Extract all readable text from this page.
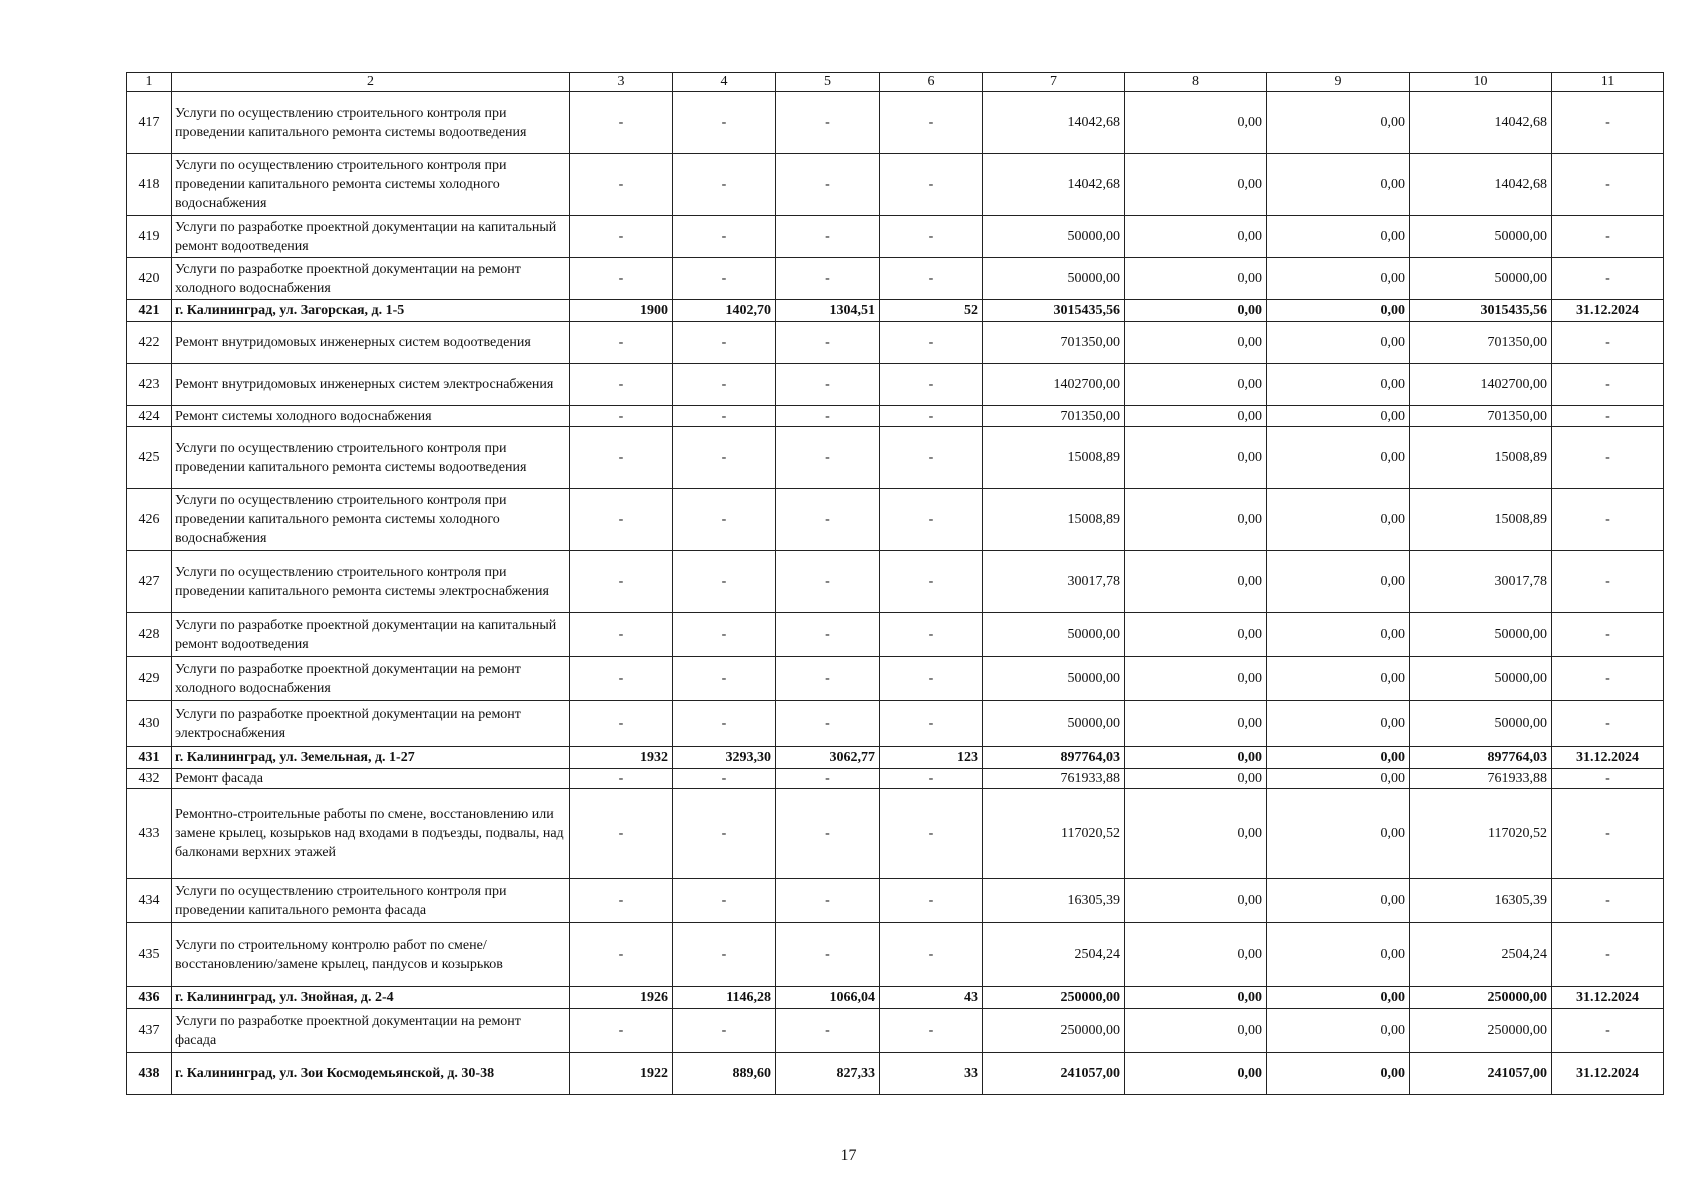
1	2	3	4	5	6	7	8	9	10	11
417	Услуги по осуществлению строительного контроля при проведении капитального ремонта системы водоотведения	-	-	-	-	14042,68	0,00	0,00	14042,68	-
418	Услуги по осуществлению строительного контроля при проведении капитального ремонта системы холодного водоснабжения	-	-	-	-	14042,68	0,00	0,00	14042,68	-
419	Услуги по разработке проектной документации на капитальный ремонт водоотведения	-	-	-	-	50000,00	0,00	0,00	50000,00	-
420	Услуги по разработке проектной документации на ремонт холодного водоснабжения	-	-	-	-	50000,00	0,00	0,00	50000,00	-
421	г. Калининград, ул. Загорская, д. 1-5	1900	1402,70	1304,51	52	3015435,56	0,00	0,00	3015435,56	31.12.2024
422	Ремонт внутридомовых инженерных систем водоотведения	-	-	-	-	701350,00	0,00	0,00	701350,00	-
423	Ремонт внутридомовых инженерных систем электроснабжения	-	-	-	-	1402700,00	0,00	0,00	1402700,00	-
424	Ремонт системы холодного водоснабжения	-	-	-	-	701350,00	0,00	0,00	701350,00	-
425	Услуги по осуществлению строительного контроля при проведении капитального ремонта системы водоотведения	-	-	-	-	15008,89	0,00	0,00	15008,89	-
426	Услуги по осуществлению строительного контроля при проведении капитального ремонта системы холодного водоснабжения	-	-	-	-	15008,89	0,00	0,00	15008,89	-
427	Услуги по осуществлению строительного контроля при проведении капитального ремонта системы электроснабжения	-	-	-	-	30017,78	0,00	0,00	30017,78	-
428	Услуги по разработке проектной документации на капитальный ремонт водоотведения	-	-	-	-	50000,00	0,00	0,00	50000,00	-
429	Услуги по разработке проектной документации на ремонт холодного водоснабжения	-	-	-	-	50000,00	0,00	0,00	50000,00	-
430	Услуги по разработке проектной документации на ремонт электроснабжения	-	-	-	-	50000,00	0,00	0,00	50000,00	-
431	г. Калининград, ул. Земельная, д. 1-27	1932	3293,30	3062,77	123	897764,03	0,00	0,00	897764,03	31.12.2024
432	Ремонт фасада	-	-	-	-	761933,88	0,00	0,00	761933,88	-
433	Ремонтно-строительные работы по смене, восстановлению или замене крылец, козырьков над входами в подъезды, подвалы, над балконами верхних этажей	-	-	-	-	117020,52	0,00	0,00	117020,52	-
434	Услуги по осуществлению строительного контроля при проведении капитального ремонта фасада	-	-	-	-	16305,39	0,00	0,00	16305,39	-
435	Услуги по строительному контролю работ по смене/восстановлению/замене крылец, пандусов и козырьков	-	-	-	-	2504,24	0,00	0,00	2504,24	-
436	г. Калининград, ул. Знойная, д. 2-4	1926	1146,28	1066,04	43	250000,00	0,00	0,00	250000,00	31.12.2024
437	Услуги по разработке проектной документации на ремонт фасада	-	-	-	-	250000,00	0,00	0,00	250000,00	-
438	г. Калининград, ул. Зои Космодемьянской, д. 30-38	1922	889,60	827,33	33	241057,00	0,00	0,00	241057,00	31.12.2024
17
